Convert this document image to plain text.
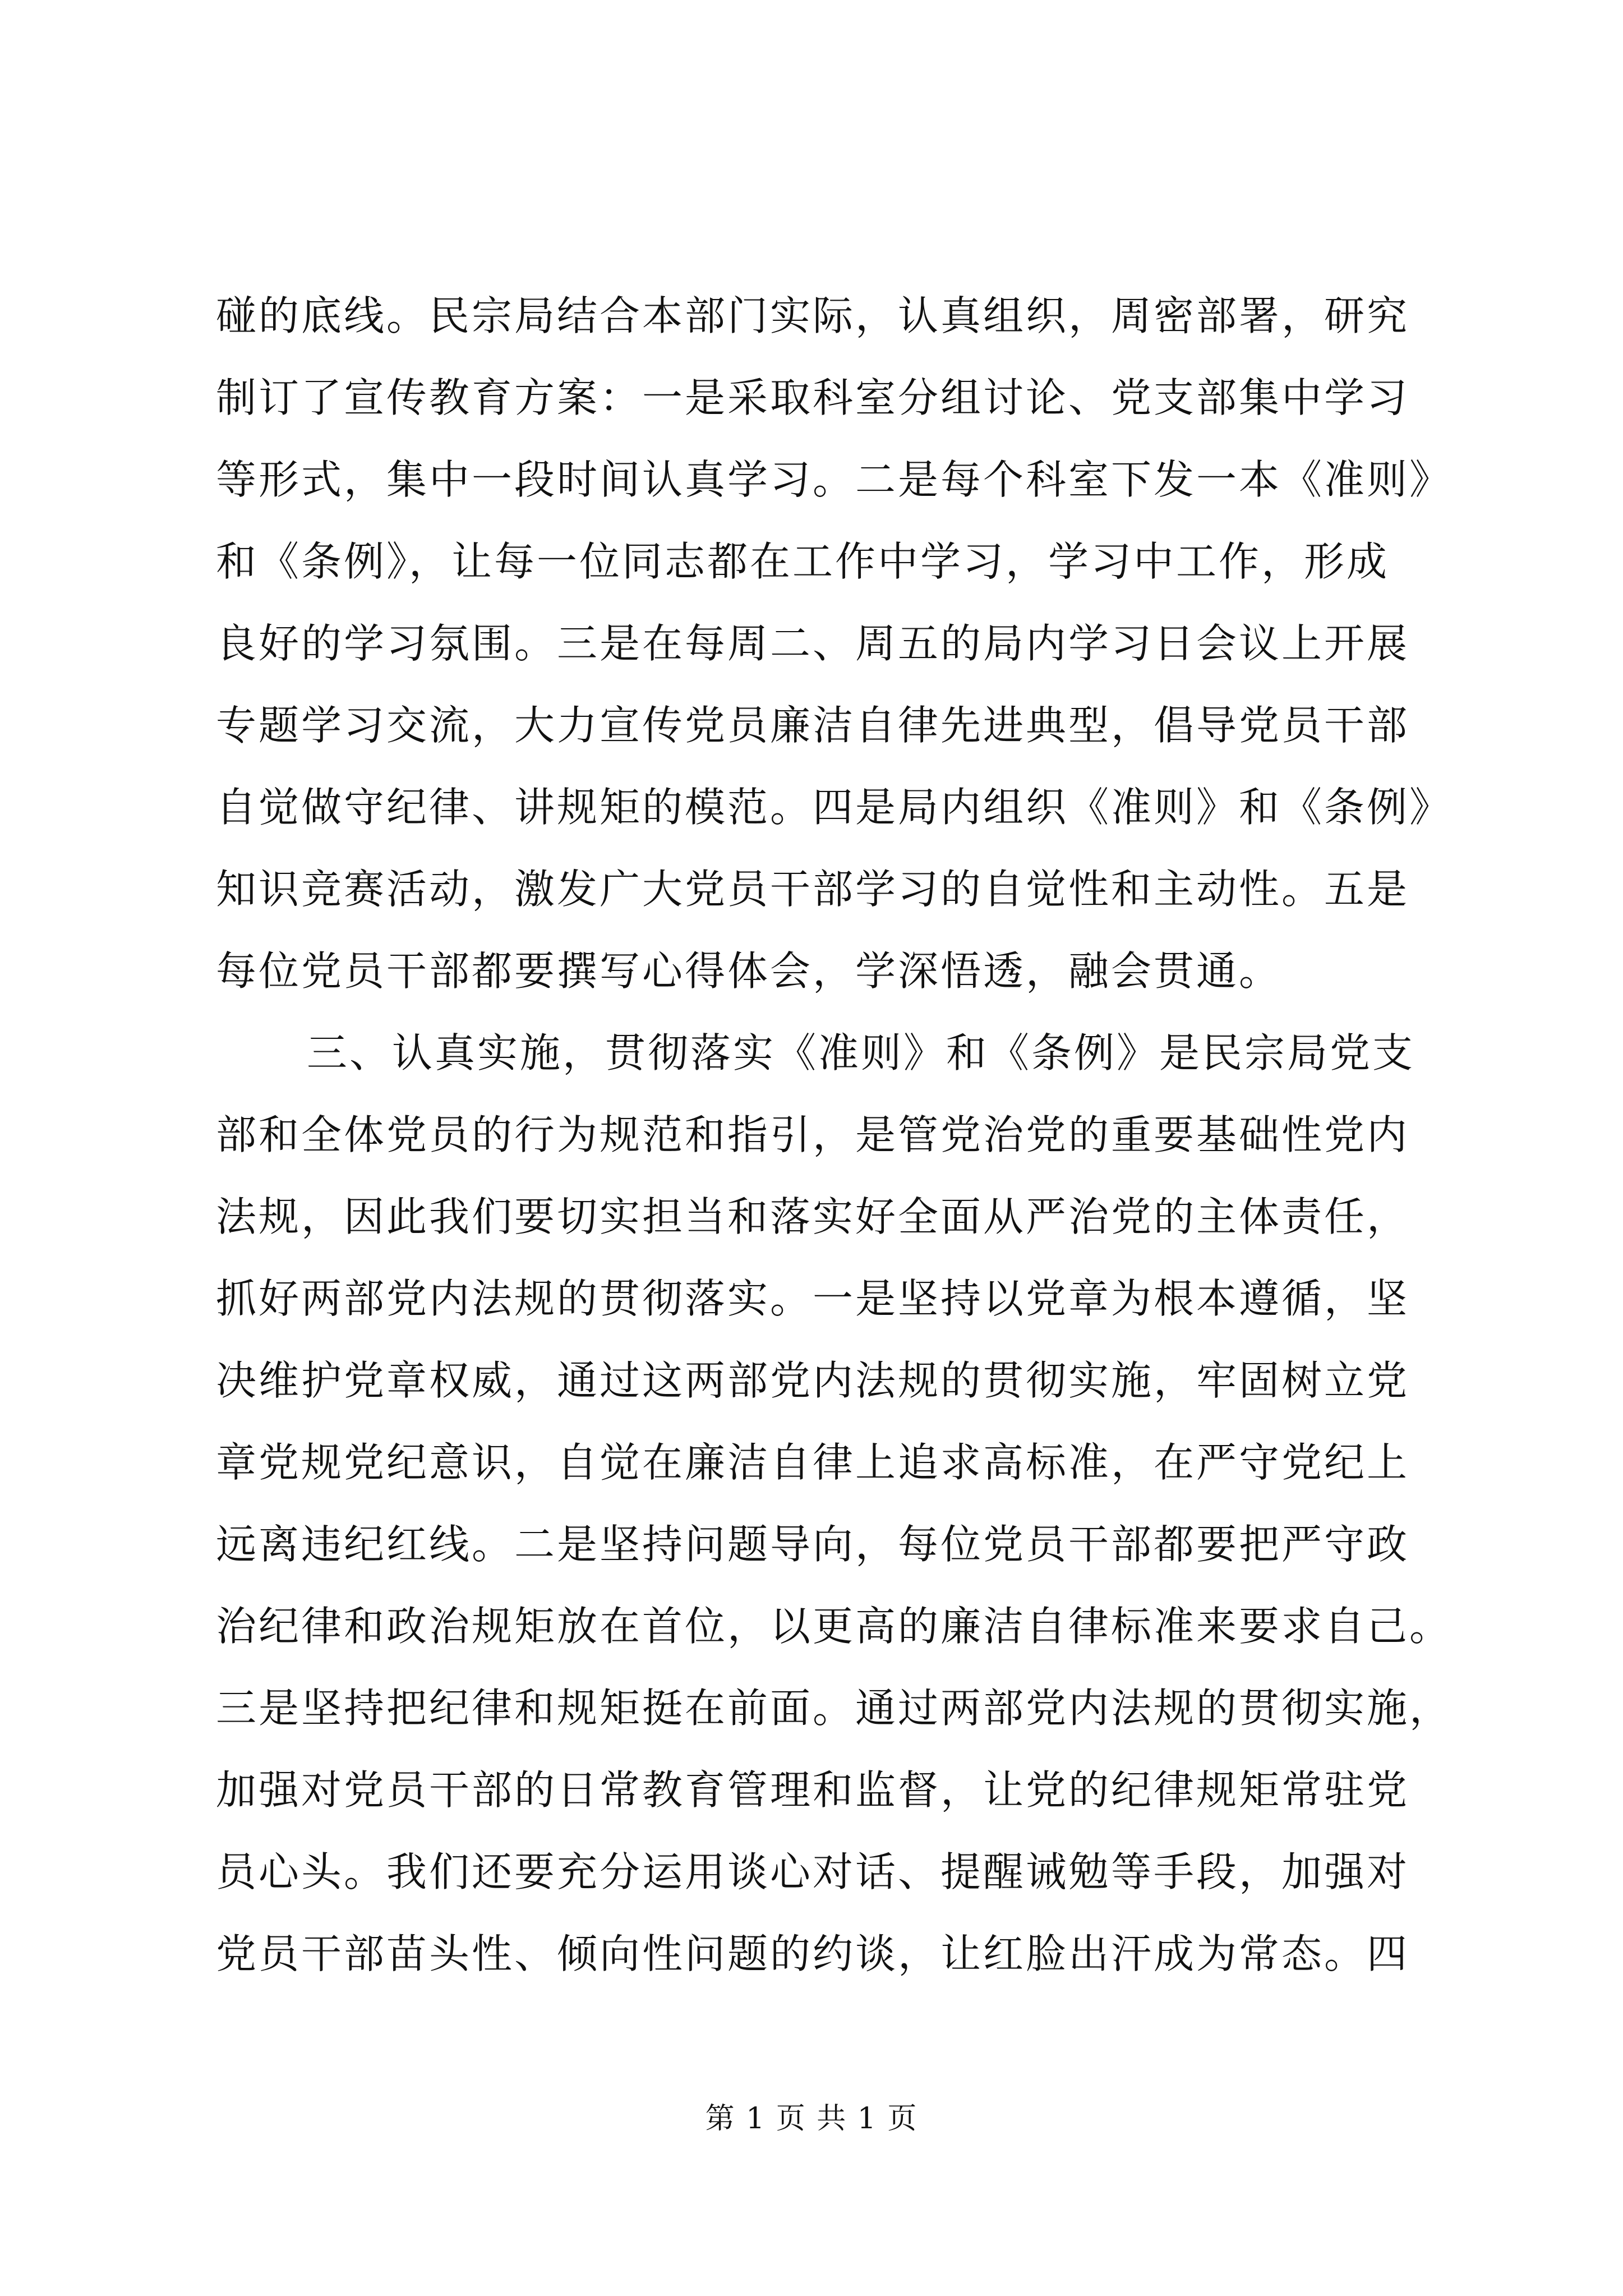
碰的底线。民宗局结合本部门实际，认真组织，周密部署，研究
制订了宣传教育方案：一是采取科室分组讨论、党支部集中学习
等形式，集中一段时间认真学习。二是每个科室下发一本《准则》
和《条例》，让每一位同志都在工作中学习，学习中工作，形成
良好的学习氛围。三是在每周二、周五的局内学习日会议上开展
专题学习交流，大力宣传党员廉洁自律先进典型，倡导党员干部
自觉做守纪律、讲规矩的模范。四是局内组织《准则》和《条例》
知识竞赛活动，激发广大党员干部学习的自觉性和主动性。五是
每位党员干部都要撰写心得体会，学深悟透，融会贯通。
三、认真实施，贯彻落实《准则》和《条例》是民宗局党支
部和全体党员的行为规范和指引，是管党治党的重要基础性党内
法规，因此我们要切实担当和落实好全面从严治党的主体责任，
抓好两部党内法规的贯彻落实。一是坚持以党章为根本遵循，坚
决维护党章权威，通过这两部党内法规的贯彻实施，牢固树立党
章党规党纪意识，自觉在廉洁自律上追求高标准，在严守党纪上
远离违纪红线。二是坚持问题导向，每位党员干部都要把严守政
治纪律和政治规矩放在首位，以更高的廉洁自律标准来要求自己。
三是坚持把纪律和规矩挺在前面。通过两部党内法规的贯彻实施，
加强对党员干部的日常教育管理和监督，让党的纪律规矩常驻党
员心头。我们还要充分运用谈心对话、提醒诫勉等手段，加强对
党员干部苗头性、倾向性问题的约谈，让红脸出汗成为常态。四
第 1 页 共 1 页
